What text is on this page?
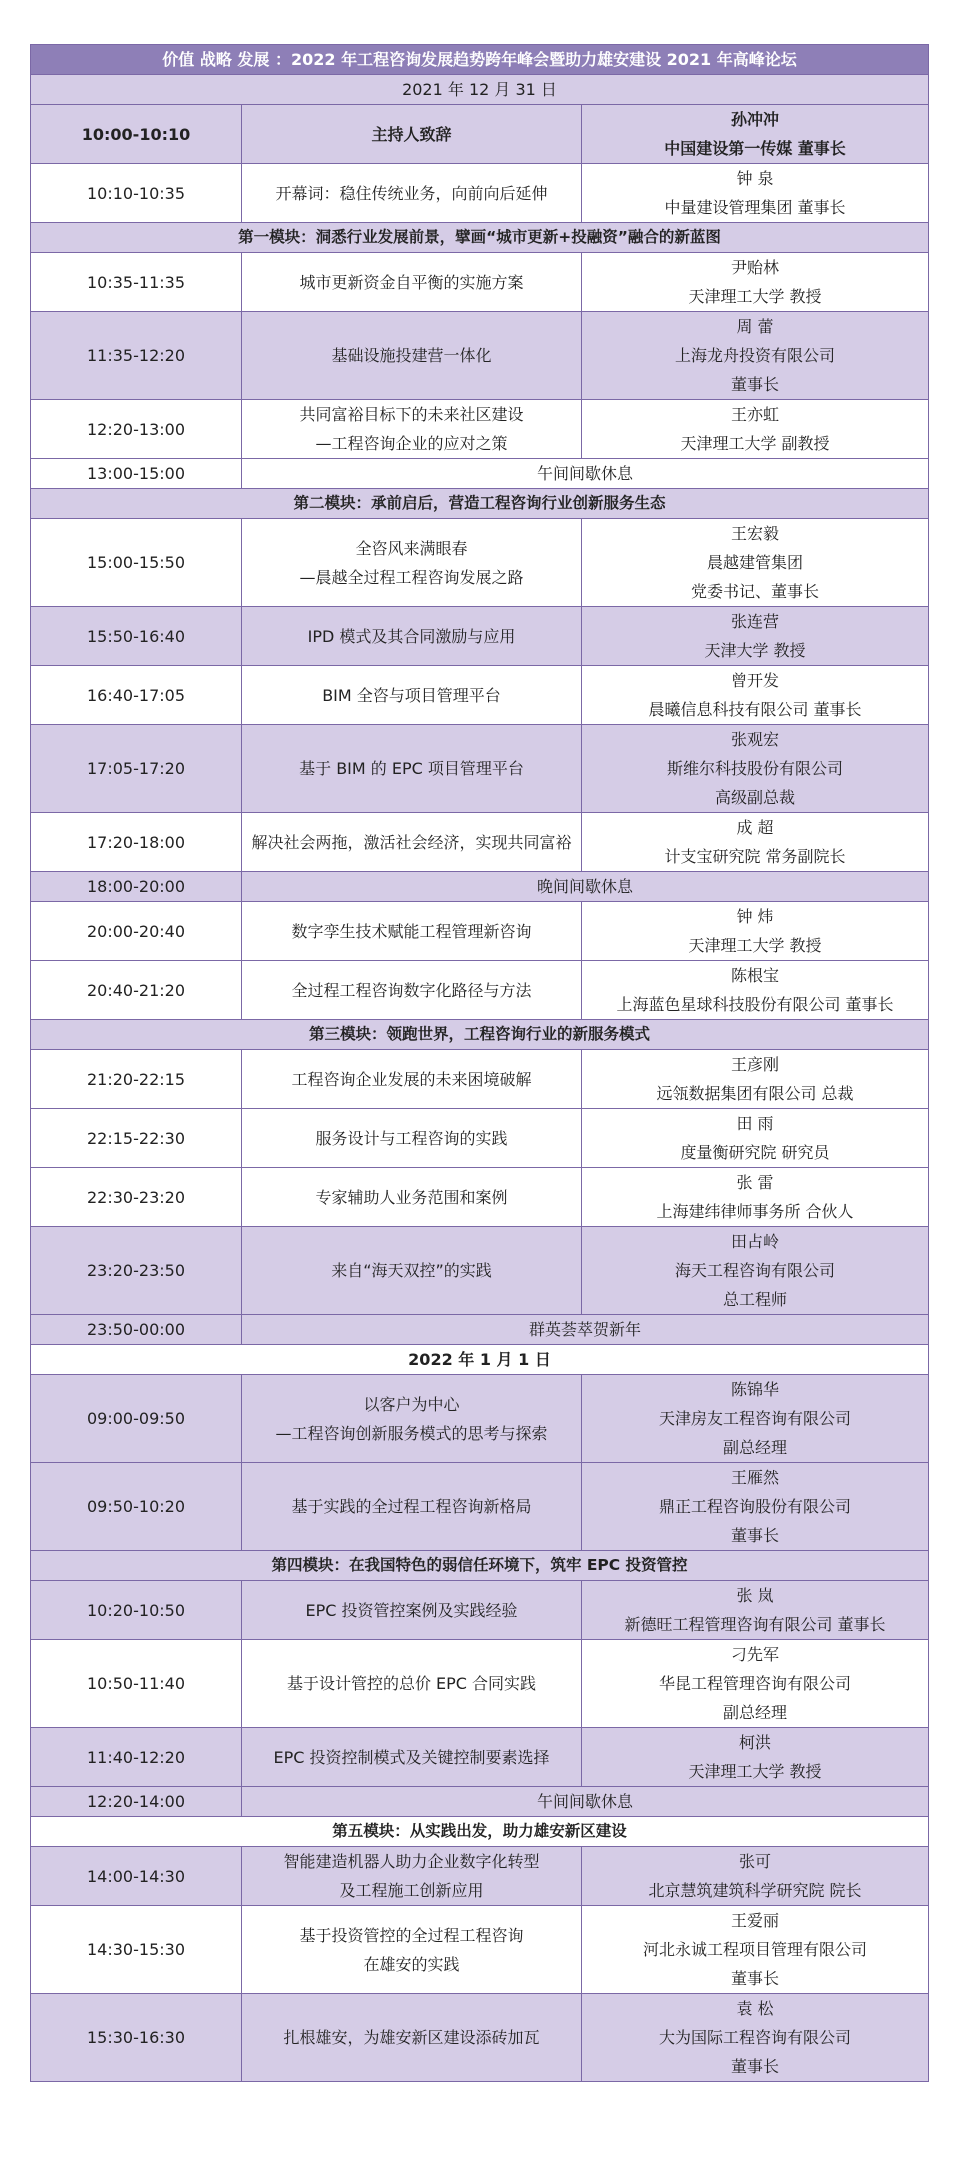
价值 战略 发展 ：2022 年工程咨询发展趋势跨年峰会暨助力雄安建设 2021 年高峰论坛		
2021 年 12 月 31 日		
10:00-10:10	主持人致辞	孙冲冲
中国建设第一传媒 董事长

10:10-10:35	开幕词：稳住传统业务，向前向后延伸	钟 泉
中量建设管理集团 董事长

第一模块：洞悉行业发展前景，擘画“城市更新+投融资”融合的新蓝图		
10:35-11:35	城市更新资金自平衡的实施方案	尹贻林
天津理工大学 教授

11:35-12:20	基础设施投建营一体化	周 蕾
上海龙舟投资有限公司
董事长

12:20-13:00	共同富裕目标下的未来社区建设
—工程咨询企业的应对之策	王亦虹
天津理工大学 副教授

13:00-15:00	午间间歇休息	
第二模块：承前启后，营造工程咨询行业创新服务生态		
15:00-15:50	全咨风来满眼春
—晨越全过程工程咨询发展之路	王宏毅
晨越建管集团
党委书记、董事长

15:50-16:40	IPD 模式及其合同激励与应用	张连营
天津大学 教授

16:40-17:05	BIM 全咨与项目管理平台	曾开发
晨曦信息科技有限公司 董事长

17:05-17:20	基于 BIM 的 EPC 项目管理平台	张观宏
斯维尔科技股份有限公司
高级副总裁

17:20-18:00	解决社会两拖，激活社会经济，实现共同富裕	成 超
计支宝研究院 常务副院长

18:00-20:00	晚间间歇休息	
20:00-20:40	数字孪生技术赋能工程管理新咨询	钟 炜
天津理工大学 教授

20:40-21:20	全过程工程咨询数字化路径与方法	陈根宝
上海蓝色星球科技股份有限公司 董事长

第三模块：领跑世界，工程咨询行业的新服务模式		
21:20-22:15	工程咨询企业发展的未来困境破解	王彦刚
远瓴数据集团有限公司 总裁

22:15-22:30	服务设计与工程咨询的实践	田 雨
度量衡研究院 研究员

22:30-23:20	专家辅助人业务范围和案例	张 雷
上海建纬律师事务所 合伙人

23:20-23:50	来自“海天双控”的实践	田占岭
海天工程咨询有限公司
总工程师

23:50-00:00	群英荟萃贺新年	
2022 年 1 月 1 日		
09:00-09:50	以客户为中心
—工程咨询创新服务模式的思考与探索	陈锦华
天津房友工程咨询有限公司
副总经理

09:50-10:20	基于实践的全过程工程咨询新格局	王雁然
鼎正工程咨询股份有限公司
董事长

第四模块：在我国特色的弱信任环境下，筑牢 EPC 投资管控		
10:20-10:50	EPC 投资管控案例及实践经验	张 岚
新德旺工程管理咨询有限公司 董事长

10:50-11:40	基于设计管控的总价 EPC 合同实践	刁先军
华昆工程管理咨询有限公司
副总经理

11:40-12:20	EPC 投资控制模式及关键控制要素选择	柯洪
天津理工大学 教授

12:20-14:00	午间间歇休息	
第五模块：从实践出发，助力雄安新区建设		
14:00-14:30	智能建造机器人助力企业数字化转型
及工程施工创新应用	张可
北京慧筑建筑科学研究院 院长

14:30-15:30	基于投资管控的全过程工程咨询
在雄安的实践	王爱丽
河北永诚工程项目管理有限公司
董事长

15:30-16:30	扎根雄安，为雄安新区建设添砖加瓦	袁 松
大为国际工程咨询有限公司
董事长
